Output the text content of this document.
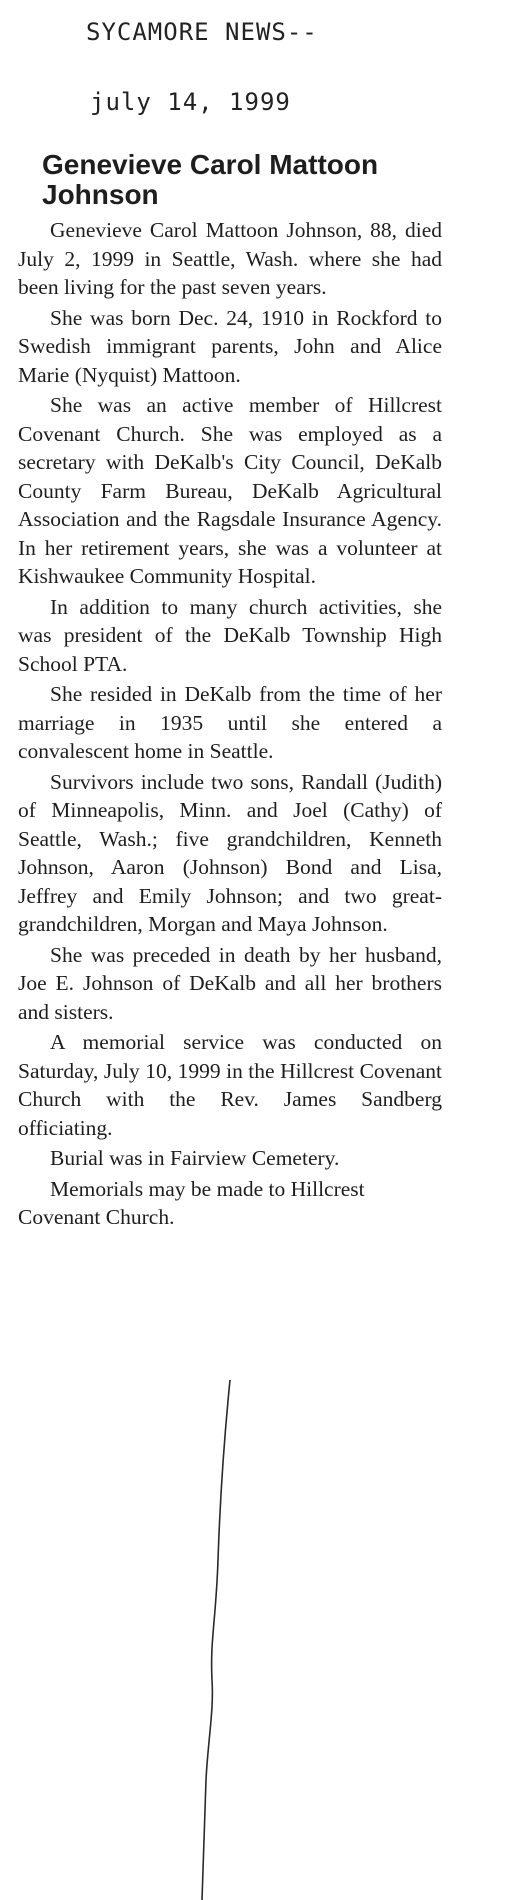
SYCAMORE NEWS--
july 14, 1999
Genevieve Carol Mattoon Johnson

Genevieve Carol Mattoon Johnson, 88, died July 2, 1999 in Seattle, Wash. where she had been living for the past seven years.

She was born Dec. 24, 1910 in Rockford to Swedish immigrant parents, John and Alice Marie (Nyquist) Mattoon.

She was an active member of Hillcrest Covenant Church. She was employed as a secretary with DeKalb's City Council, DeKalb County Farm Bureau, DeKalb Agricultural Association and the Ragsdale Insurance Agency. In her retirement years, she was a volunteer at Kishwaukee Community Hospital.

In addition to many church activities, she was president of the DeKalb Township High School PTA.

She resided in DeKalb from the time of her marriage in 1935 until she entered a convalescent home in Seattle.

Survivors include two sons, Randall (Judith) of Minneapolis, Minn. and Joel (Cathy) of Seattle, Wash.; five grandchildren, Kenneth Johnson, Aaron (Johnson) Bond and Lisa, Jeffrey and Emily Johnson; and two great-grandchildren, Morgan and Maya Johnson.

She was preceded in death by her husband, Joe E. Johnson of DeKalb and all her brothers and sisters.

A memorial service was conducted on Saturday, July 10, 1999 in the Hillcrest Covenant Church with the Rev. James Sandberg officiating.

Burial was in Fairview Cemetery.

Memorials may be made to Hillcrest Covenant Church.
